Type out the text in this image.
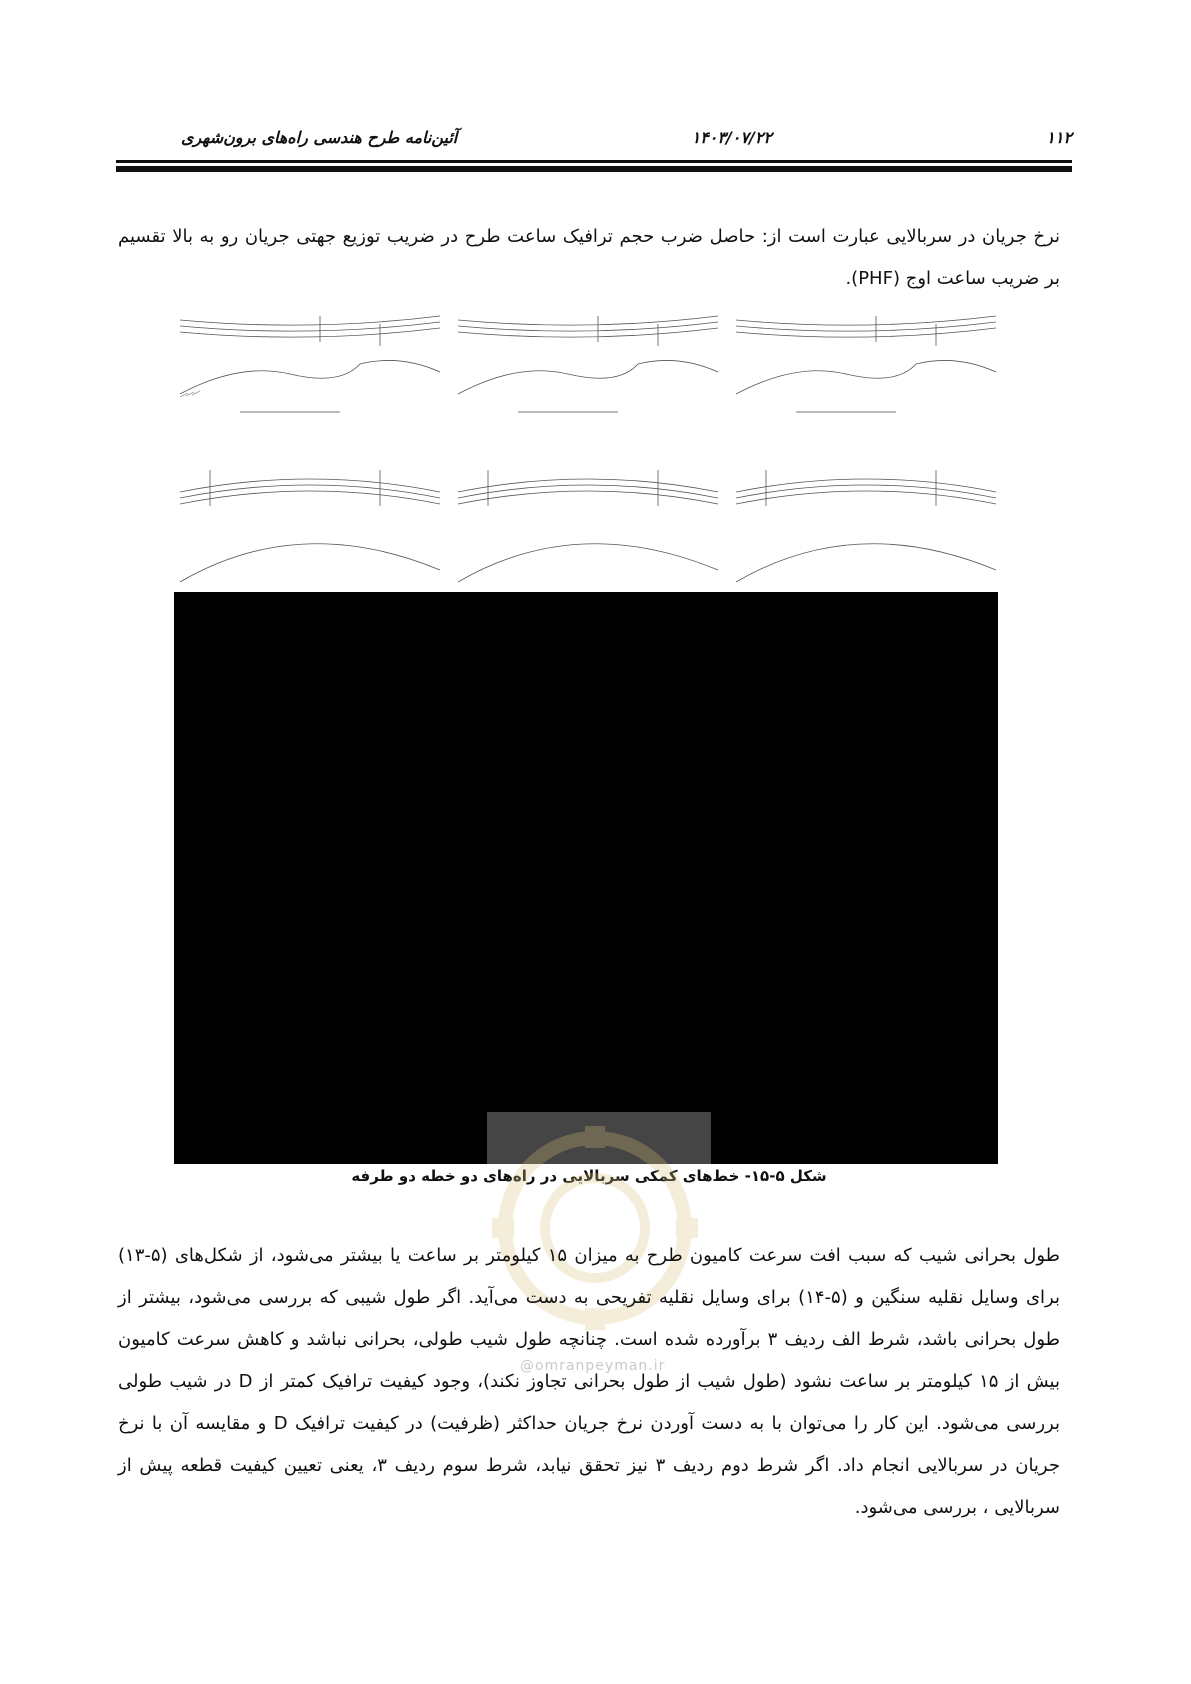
۱۱۲
۱۴۰۳/۰۷/۲۲
آئین‌نامه طرح هندسی راه‌های برون‌شهری
نرخ جریان در سربالایی عبارت است از: حاصل ضرب حجم ترافیک ساعت طرح در ضریب توزیع جهتی جریان رو به بالا تقسیم بر ضریب ساعت اوج (PHF).
شکل ۵-۱۵- خط‌های کمکی سربالایی در راه‌های دو خطه دو طرفه
@omranpeyman.ir
طول بحرانی شیب که سبب افت سرعت کامیون طرح به میزان ۱۵ کیلومتر بر ساعت یا بیشتر می‌شود، از شکل‌های (۵-۱۳) برای وسایل نقلیه سنگین و (۵-۱۴) برای وسایل نقلیه تفریحی به دست می‌آید. اگر طول شیبی که بررسی می‌شود، بیشتر از طول بحرانی باشد، شرط الف ردیف ۳ برآورده شده است. چنانچه طول شیب طولی، بحرانی نباشد و کاهش سرعت کامیون بیش از ۱۵ کیلومتر بر ساعت نشود (طول شیب از طول بحرانی تجاوز نکند)، وجود کیفیت ترافیک کمتر از D در شیب طولی بررسی می‌شود. این کار را می‌توان با به دست آوردن نرخ جریان حداکثر (ظرفیت) در کیفیت ترافیک D و مقایسه آن با نرخ جریان در سربالایی انجام داد. اگر شرط دوم ردیف ۳ نیز تحقق نیابد، شرط سوم ردیف ۳، یعنی تعیین کیفیت قطعه پیش از سربالایی ، بررسی می‌شود.
